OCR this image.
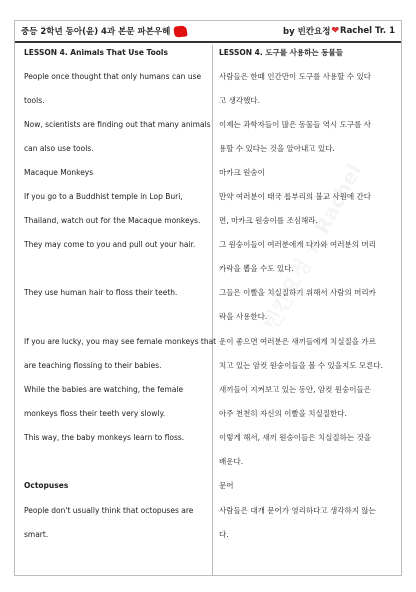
중등 2학년 동아(윤) 4과 본문 파본우헤	by 빈칸요정 ❤ Rachel Tr. 1
LESSON 4. Animals That Use Tools
People once thought that only humans can use
tools.
Now, scientists are finding out that many animals
can also use tools.
Macaque Monkeys
If you go to a Buddhist temple in Lop Buri,
Thailand, watch out for the Macaque monkeys.
They may come to you and pull out your hair.
They use human hair to floss their teeth.
If you are lucky, you may see female monkeys that
are teaching flossing to their babies.
While the babies are watching, the female
monkeys floss their teeth very slowly.
This way, the baby monkeys learn to floss.
Octopuses
People don't usually think that octopuses are
smart.
LESSON 4. 도구를 사용하는 동물들
사람들은 한때 인간만이 도구를 사용할 수 있다
고 생각했다.
이제는 과학자들이 많은 동물들 역시 도구를 사
용할 수 있다는 것을 알아내고 있다.
마카크 원숭이
만약 여러분이 태국 롭부리의 불교 사원에 간다
면, 마카크 원숭이를 조심해라.
그 원숭이들이 여러분에게 다가와 여러분의 머리
카락을 뽑을 수도 있다.
그들은 이빨을 치실질하기 위해서 사람의 머리카
락을 사용한다.
운이 좋으면 여러분은 새끼들에게 치실질을 가르
치고 있는 암컷 원숭이들을 볼 수 있을지도 모른다.
새끼들이 지켜보고 있는 동안, 암컷 원숭이들은
아주 천천히 자신의 이빨을 치실질한다.
이렇게 해서, 새끼 원숭이들은 치실질하는 것을
배운다.
문어
사람들은 대개 문어가 영리하다고 생각하지 않는
다.
